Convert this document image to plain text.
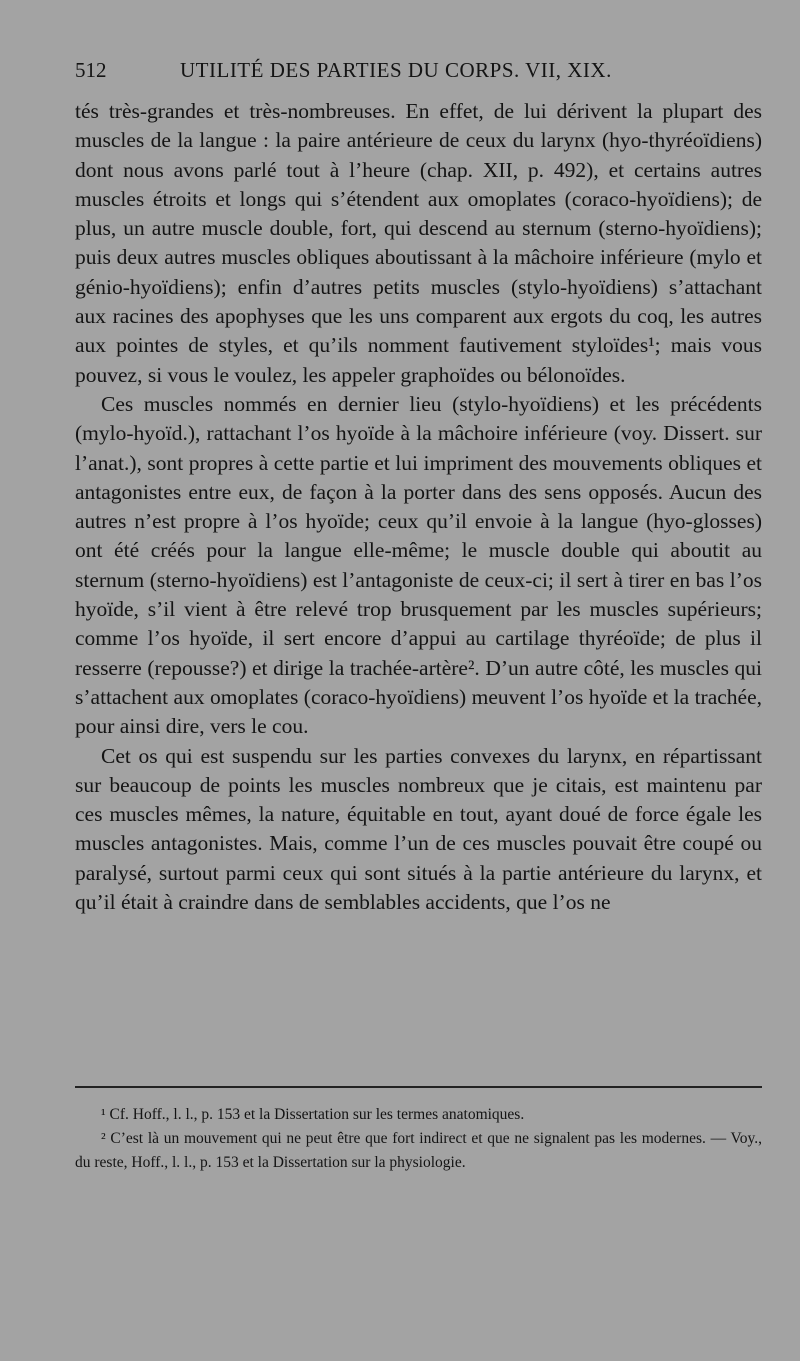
512	UTILITÉ DES PARTIES DU CORPS. VII, XIX.

tés très-grandes et très-nombreuses. En effet, de lui dérivent la plupart des muscles de la langue : la paire antérieure de ceux du larynx (hyo-thyréoïdiens) dont nous avons parlé tout à l’heure (chap. XII, p. 492), et certains autres muscles étroits et longs qui s’étendent aux omoplates (coraco-hyoïdiens); de plus, un autre muscle double, fort, qui descend au sternum (sterno-hyoïdiens); puis deux autres muscles obliques aboutissant à la mâchoire inférieure (mylo et génio-hyoïdiens); enfin d’autres petits muscles (stylo-hyoïdiens) s’attachant aux racines des apophyses que les uns comparent aux ergots du coq, les autres aux pointes de styles, et qu’ils nomment fautivement styloïdes¹; mais vous pouvez, si vous le voulez, les appeler graphoïdes ou bélonoïdes.

Ces muscles nommés en dernier lieu (stylo-hyoïdiens) et les précédents (mylo-hyoïd.), rattachant l’os hyoïde à la mâchoire inférieure (voy. Dissert. sur l’anat.), sont propres à cette partie et lui impriment des mouvements obliques et antagonistes entre eux, de façon à la porter dans des sens opposés. Aucun des autres n’est propre à l’os hyoïde; ceux qu’il envoie à la langue (hyo-glosses) ont été créés pour la langue elle-même; le muscle double qui aboutit au sternum (sterno-hyoïdiens) est l’antagoniste de ceux-ci; il sert à tirer en bas l’os hyoïde, s’il vient à être relevé trop brusquement par les muscles supérieurs; comme l’os hyoïde, il sert encore d’appui au cartilage thyréoïde; de plus il resserre (repousse?) et dirige la trachée-artère². D’un autre côté, les muscles qui s’attachent aux omoplates (coraco-hyoïdiens) meuvent l’os hyoïde et la trachée, pour ainsi dire, vers le cou.

Cet os qui est suspendu sur les parties convexes du larynx, en répartissant sur beaucoup de points les muscles nombreux que je citais, est maintenu par ces muscles mêmes, la nature, équitable en tout, ayant doué de force égale les muscles antagonistes. Mais, comme l’un de ces muscles pouvait être coupé ou paralysé, surtout parmi ceux qui sont situés à la partie antérieure du larynx, et qu’il était à craindre dans de semblables accidents, que l’os ne

¹ Cf. Hoff., l. l., p. 153 et la Dissertation sur les termes anatomiques.

² C’est là un mouvement qui ne peut être que fort indirect et que ne signalent pas les modernes. — Voy., du reste, Hoff., l. l., p. 153 et la Dissertation sur la physiologie.
